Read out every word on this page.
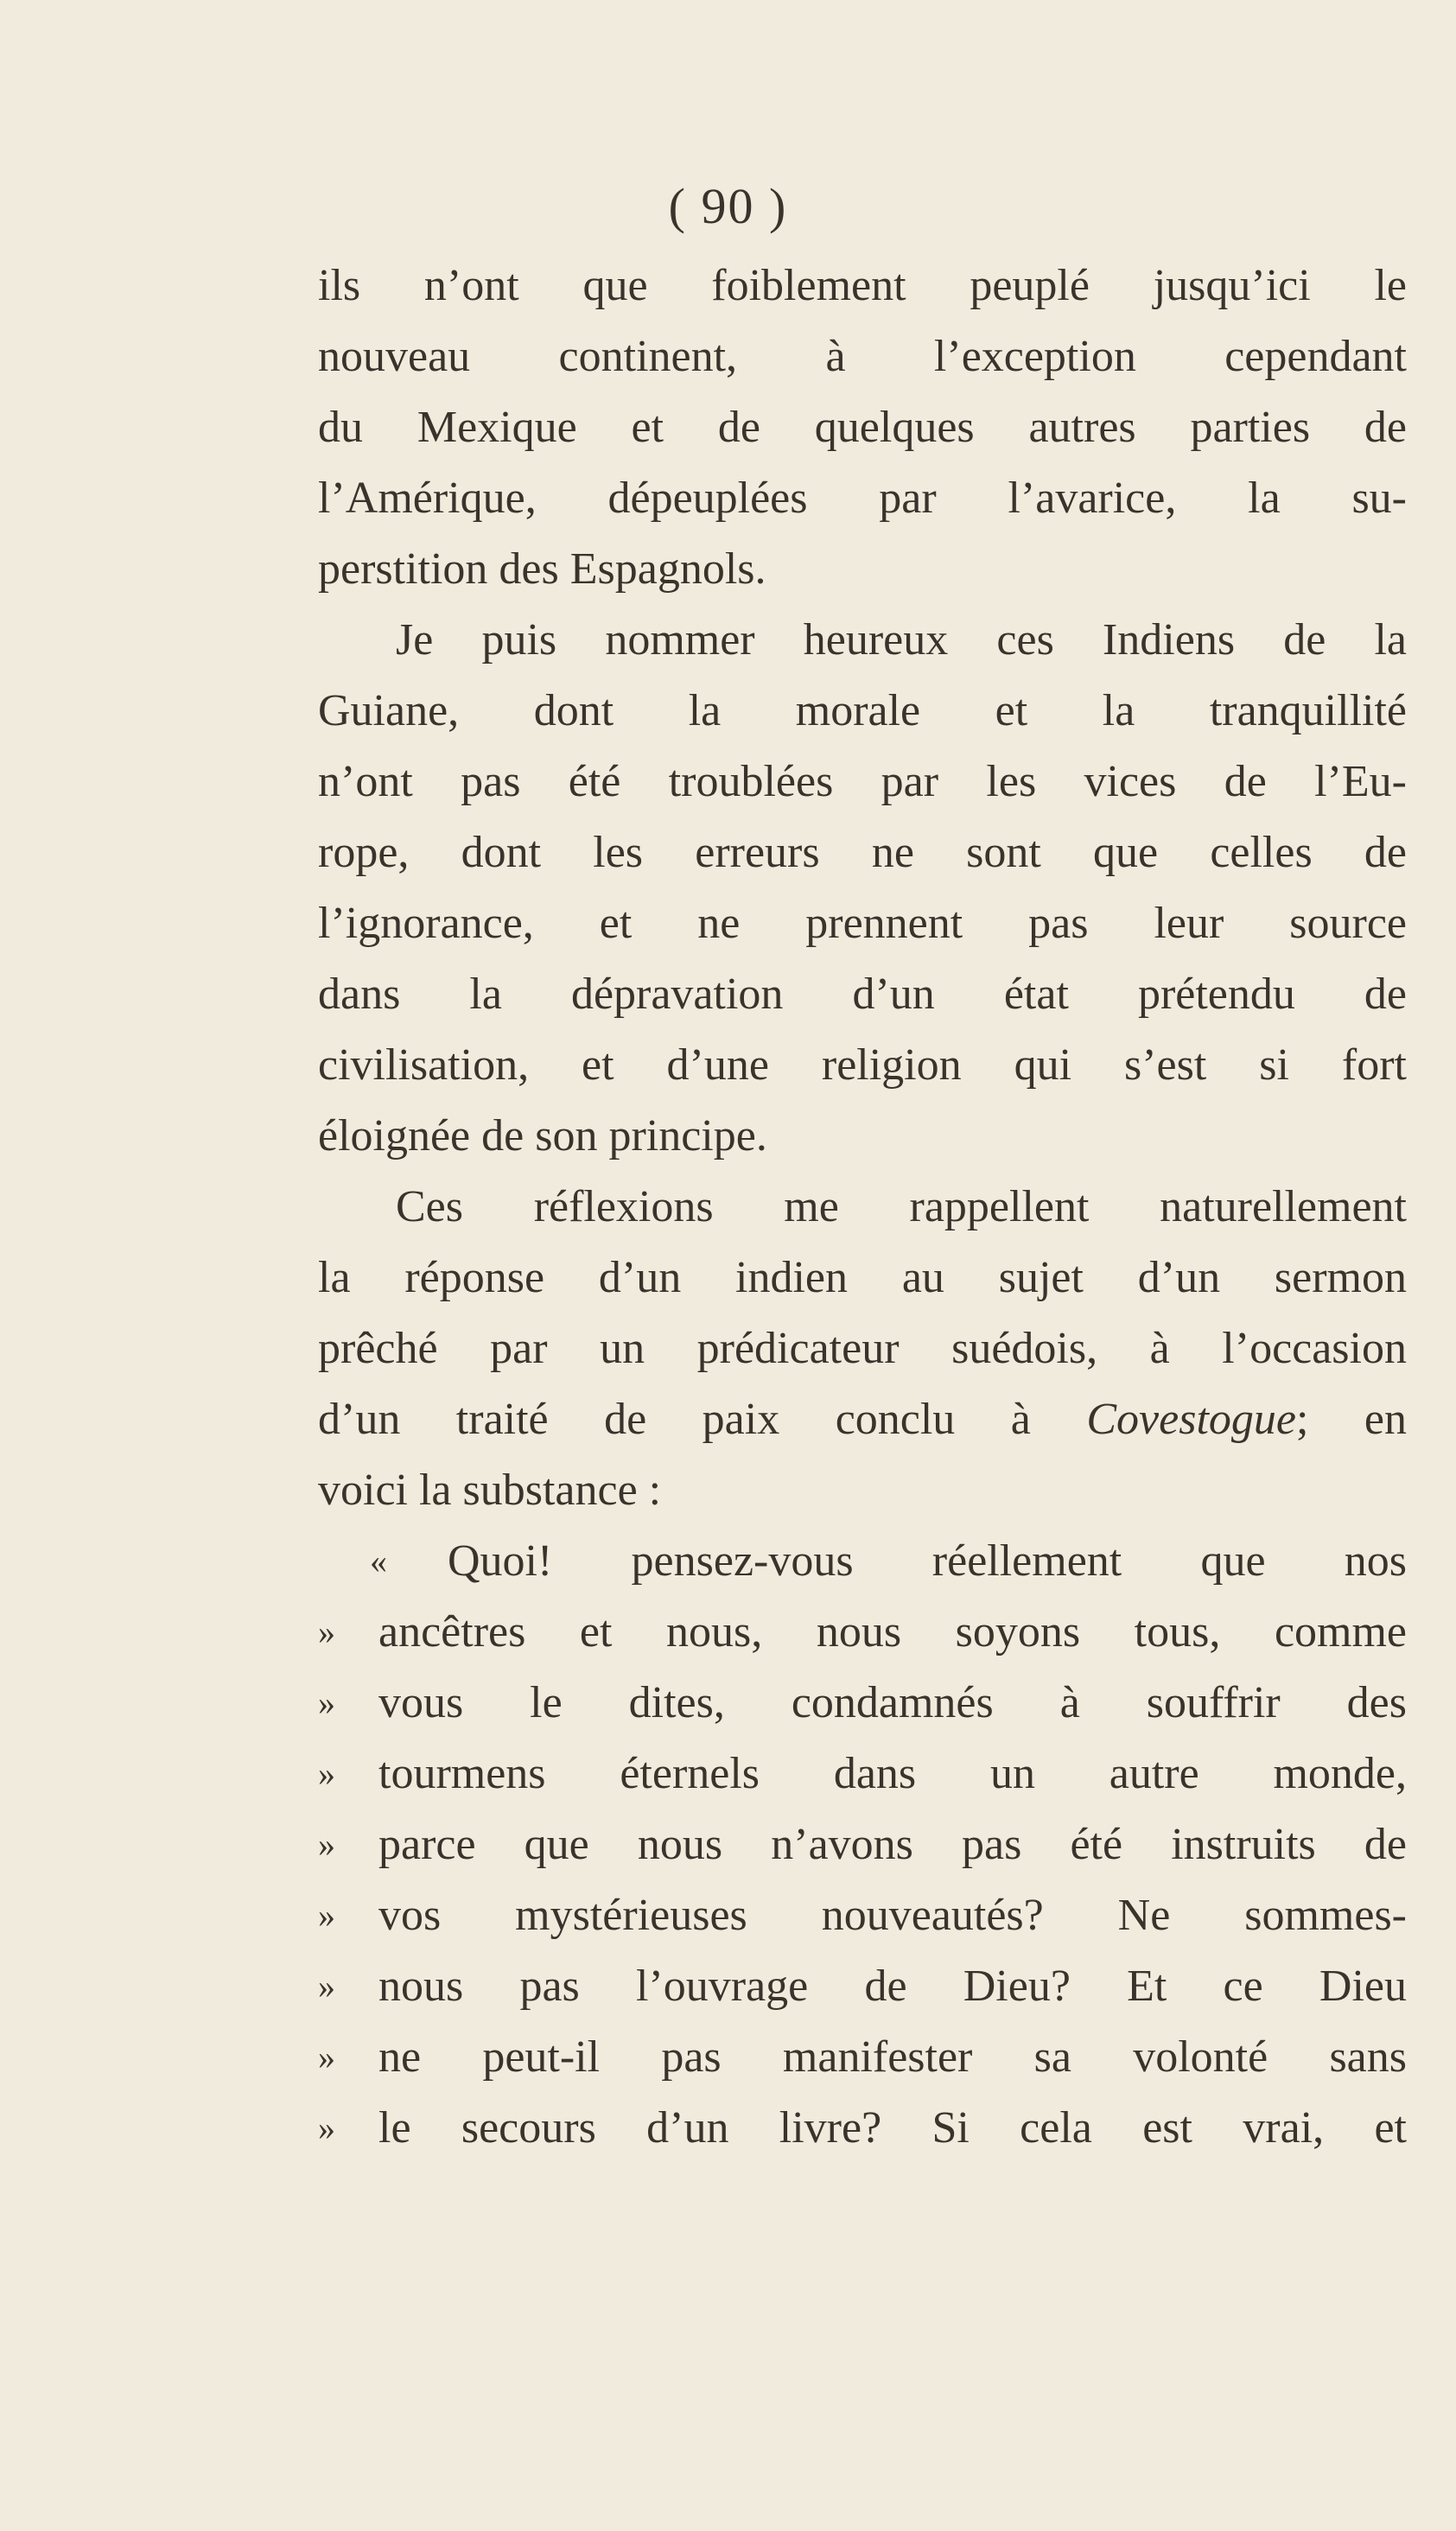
( 90 )
ils n’ont que foiblement peuplé jusqu’ici le
nouveau continent, à l’exception cependant
du Mexique et de quelques autres parties de
l’Amérique, dépeuplées par l’avarice, la su-
perstition des Espagnols.
Je puis nommer heureux ces Indiens de la
Guiane, dont la morale et la tranquillité
n’ont pas été troublées par les vices de l’Eu-
rope, dont les erreurs ne sont que celles de
l’ignorance, et ne prennent pas leur source
dans la dépravation d’un état prétendu de
civilisation, et d’une religion qui s’est si fort
éloignée de son principe.
Ces réflexions me rappellent naturellement
la réponse d’un indien au sujet d’un sermon
prêché par un prédicateur suédois, à l’occasion
d’un traité de paix conclu à Covestogue; en
voici la substance :
«	Quoi! pensez-vous réellement que nos
» ancêtres et nous, nous soyons tous, comme
» vous le dites, condamnés à souffrir des
» tourmens éternels dans un autre monde,
» parce que nous n’avons pas été instruits de
» vos mystérieuses nouveautés? Ne sommes-
» nous pas l’ouvrage de Dieu? Et ce Dieu
» ne peut-il pas manifester sa volonté sans
» le secours d’un livre? Si cela est vrai, et
